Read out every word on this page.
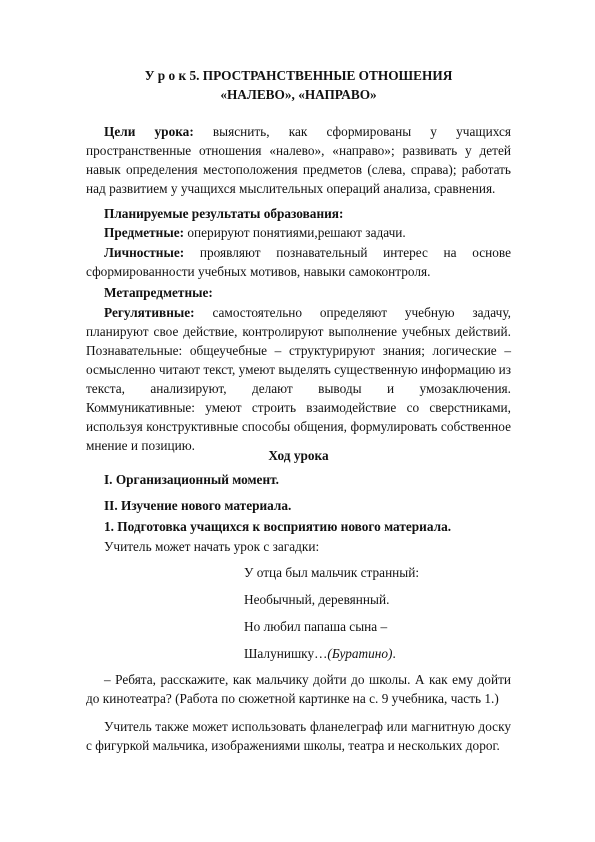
У р о к 5. ПРОСТРАНСТВЕННЫЕ ОТНОШЕНИЯ
«НАЛЕВО», «НАПРАВО»
Цели урока: выяснить, как сформированы у учащихся пространственные отношения «налево», «направо»; развивать у детей навык определения местоположения предметов (слева, справа); работать над развитием у учащихся мыслительных операций анализа, сравнения.
Планируемые результаты образования:
Предметные: оперируют понятиями,решают задачи.
Личностные: проявляют познавательный интерес на основе сформированности учебных мотивов, навыки самоконтроля.
Метапредметные:
Регулятивные: самостоятельно определяют учебную задачу, планируют свое действие, контролируют выполнение учебных действий. Познавательные: общеучебные – структурируют знания; логические – осмысленно читают текст, умеют выделять существенную информацию из текста, анализируют, делают выводы и умозаключения. Коммуникативные: умеют строить взаимодействие со сверстниками, используя конструктивные способы общения, формулировать собственное мнение и позицию.
Ход урока
I. Организационный момент.
II. Изучение нового материала.
1. Подготовка учащихся к восприятию нового материала.
Учитель может начать урок с загадки:
У отца был мальчик странный:
Необычный, деревянный.
Но любил папаша сына –
Шалунишку…(Буратино).
– Ребята, расскажите, как мальчику дойти до школы. А как ему дойти до кинотеатра? (Работа по сюжетной картинке на с. 9 учебника, часть 1.)
Учитель также может использовать фланелеграф или магнитную доску с фигуркой мальчика, изображениями школы, театра и нескольких дорог.
